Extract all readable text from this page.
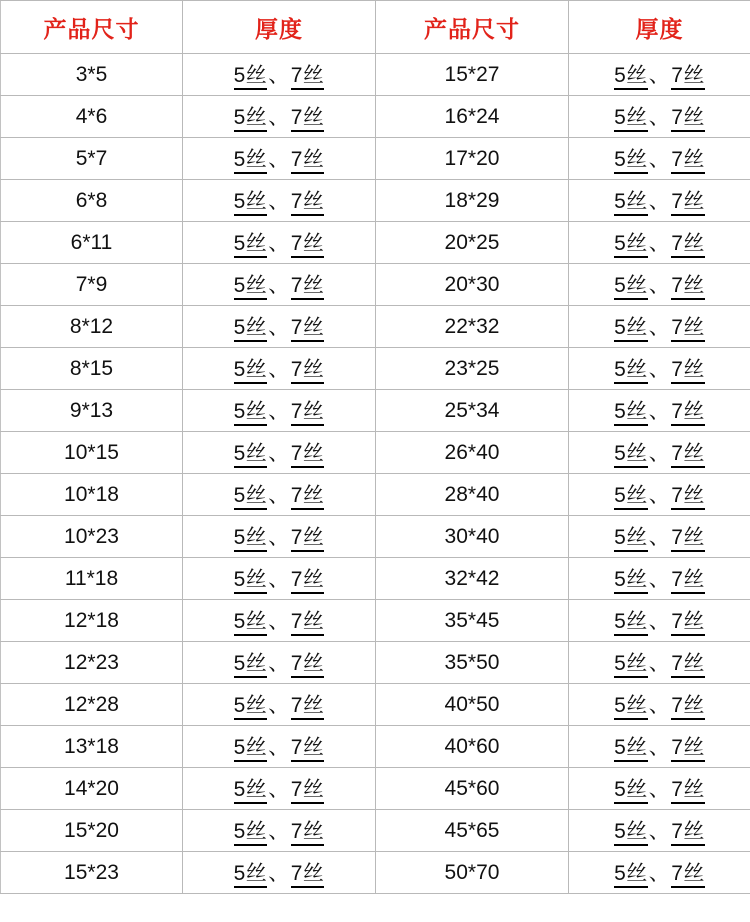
产品尺寸	厚度	产品尺寸	厚度
3*5	5丝、7丝	15*27	5丝、7丝
4*6	5丝、7丝	16*24	5丝、7丝
5*7	5丝、7丝	17*20	5丝、7丝
6*8	5丝、7丝	18*29	5丝、7丝
6*11	5丝、7丝	20*25	5丝、7丝
7*9	5丝、7丝	20*30	5丝、7丝
8*12	5丝、7丝	22*32	5丝、7丝
8*15	5丝、7丝	23*25	5丝、7丝
9*13	5丝、7丝	25*34	5丝、7丝
10*15	5丝、7丝	26*40	5丝、7丝
10*18	5丝、7丝	28*40	5丝、7丝
10*23	5丝、7丝	30*40	5丝、7丝
11*18	5丝、7丝	32*42	5丝、7丝
12*18	5丝、7丝	35*45	5丝、7丝
12*23	5丝、7丝	35*50	5丝、7丝
12*28	5丝、7丝	40*50	5丝、7丝
13*18	5丝、7丝	40*60	5丝、7丝
14*20	5丝、7丝	45*60	5丝、7丝
15*20	5丝、7丝	45*65	5丝、7丝
15*23	5丝、7丝	50*70	5丝、7丝
